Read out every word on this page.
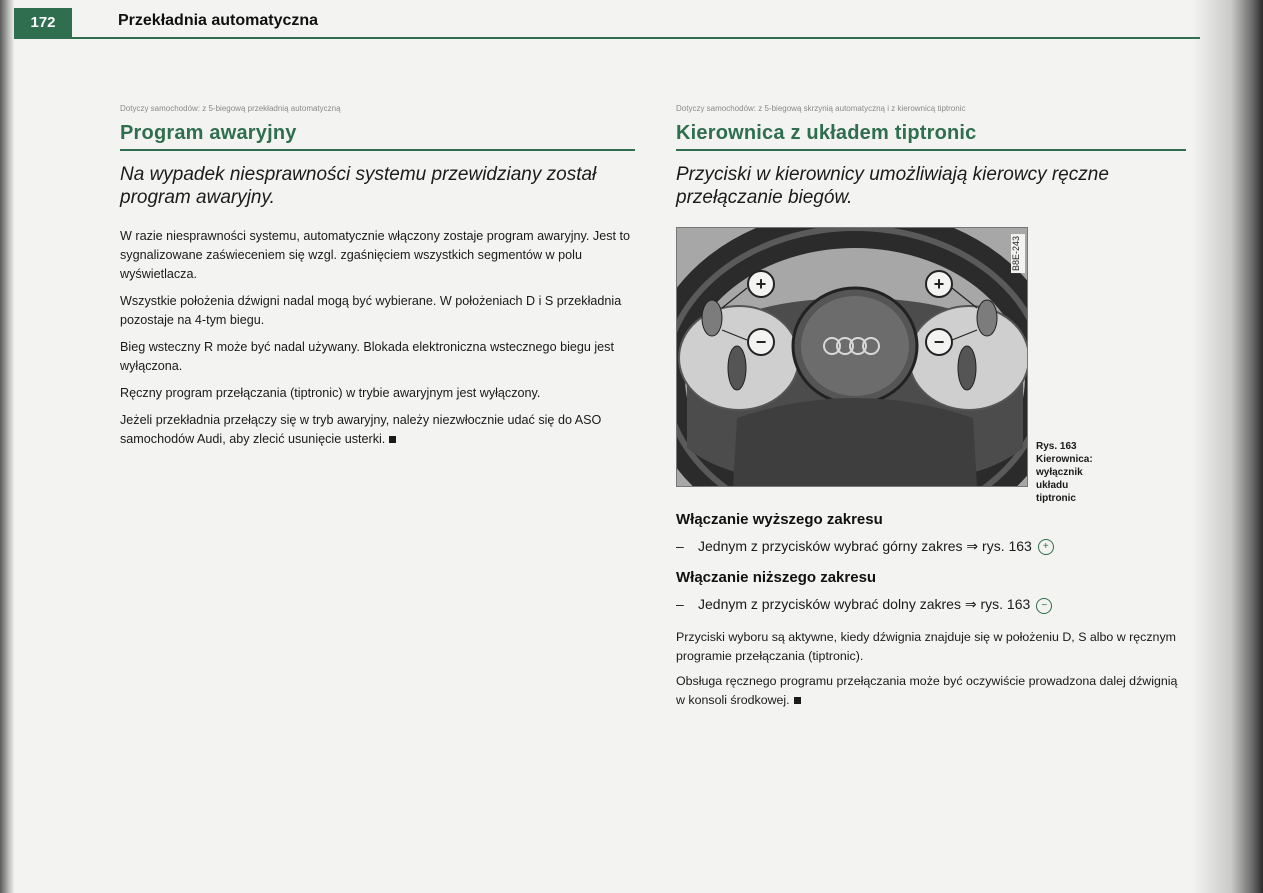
172	Przekładnia automatyczna
Dotyczy samochodów: z 5-biegową przekładnią automatyczną
Program awaryjny
Na wypadek niesprawności systemu przewidziany został program awaryjny.

W razie niesprawności systemu, automatycznie włączony zostaje program awaryjny. Jest to sygnalizowane zaświeceniem się wzgl. zgaśnięciem wszystkich segmentów w polu wyświetlacza.

Wszystkie położenia dźwigni nadal mogą być wybierane. W położeniach D i S przekładnia pozostaje na 4-tym biegu.

Bieg wsteczny R może być nadal używany. Blokada elektroniczna wstecznego biegu jest wyłączona.

Ręczny program przełączania (tiptronic) w trybie awaryjnym jest wyłączony.

Jeżeli przekładnia przełączy się w tryb awaryjny, należy niezwłocznie udać się do ASO samochodów Audi, aby zlecić usunięcie usterki.

Dotyczy samochodów: z 5-biegową skrzynią automatyczną i z kierownicą tiptronic
Kierownica z układem tiptronic
Przyciski w kierownicy umożliwiają kierowcy ręczne przełączanie biegów.
+
−
+
−
B8E-243
Włączanie wyższego zakresu
– Jednym z przycisków wybrać górny zakres ⇒ rys. 163 +
Włączanie niższego zakresu
– Jednym z przycisków wybrać dolny zakres ⇒ rys. 163 −

Przyciski wyboru są aktywne, kiedy dźwignia znajduje się w położeniu D, S albo w ręcznym programie przełączania (tiptronic).

Obsługa ręcznego programu przełączania może być oczywiście prowadzona dalej dźwignią w konsoli środkowej.

Rys. 163 Kierownica: wyłącznik układu tiptronic
